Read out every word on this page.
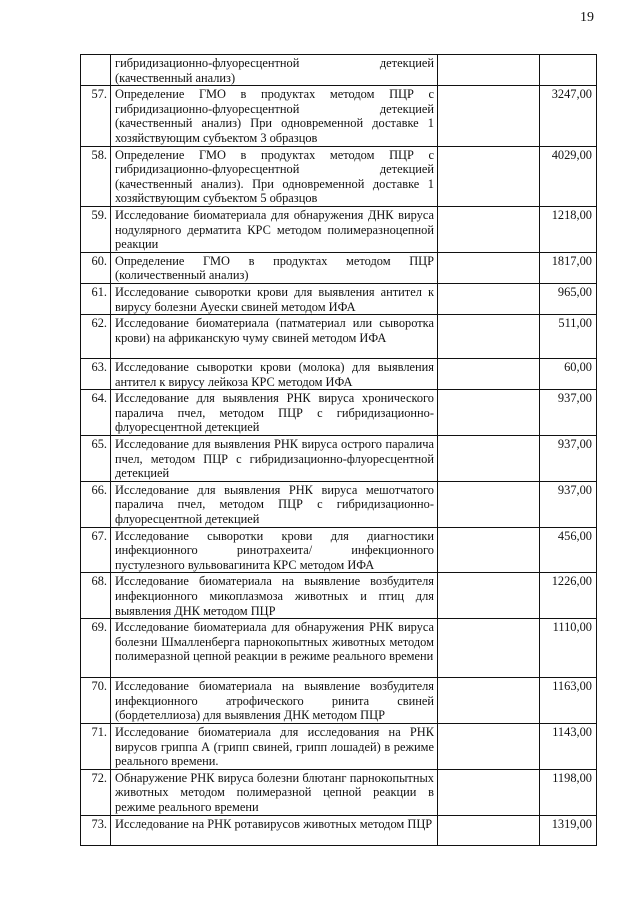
19
	гибридизационно-флуоресцентной детекцией (качественный анализ)		
57.	Определение ГМО в продуктах методом ПЦР с гибридизационно-флуоресцентной детекцией (качественный анализ) При одновременной доставке 1 хозяйствующим субъектом 3 образцов		3247,00
58.	Определение ГМО в продуктах методом ПЦР с гибридизационно-флуоресцентной детекцией (качественный анализ). При одновременной доставке 1 хозяйствующим субъектом 5 образцов		4029,00
59.	Исследование биоматериала для обнаружения ДНК вируса нодулярного дерматита КРС методом полимеразноцепной реакции		1218,00
60.	Определение ГМО в продуктах методом ПЦР (количественный анализ)		1817,00
61.	Исследование сыворотки крови для выявления антител к вирусу болезни Ауески свиней методом ИФА		965,00
62.	Исследование биоматериала (патматериал или сыворотка крови) на африканскую чуму свиней методом ИФА		511,00
63.	Исследование сыворотки крови (молока) для выявления антител к вирусу лейкоза КРС методом ИФА		60,00
64.	Исследование для выявления РНК вируса хронического паралича пчел, методом ПЦР с гибридизационно-флуоресцентной детекцией		937,00
65.	Исследование для выявления РНК вируса острого паралича пчел, методом ПЦР с гибридизационно-флуоресцентной детекцией		937,00
66.	Исследование для выявления РНК вируса мешотчатого паралича пчел, методом ПЦР с гибридизационно-флуоресцентной детекцией		937,00
67.	Исследование сыворотки крови для диагностики инфекционного ринотрахеита/ инфекционного пустулезного вульвовагинита КРС методом ИФА		456,00
68.	Исследование биоматериала на выявление возбудителя инфекционного микоплазмоза животных и птиц для выявления ДНК методом ПЦР		1226,00
69.	Исследование биоматериала для обнаружения РНК вируса болезни Шмалленберга парнокопытных животных методом полимеразной цепной реакции в режиме реального времени		1110,00
70.	Исследование биоматериала на выявление возбудителя инфекционного атрофического ринита свиней (бордетеллиоза) для выявления ДНК методом ПЦР		1163,00
71.	Исследование биоматериала для исследования на РНК вирусов гриппа А (грипп свиней, грипп лошадей) в режиме реального времени.		1143,00
72.	Обнаружение РНК вируса болезни блютанг парнокопытных животных методом полимеразной цепной реакции в режиме реального времени		1198,00
73.	Исследование на РНК ротавирусов животных методом ПЦР		1319,00
